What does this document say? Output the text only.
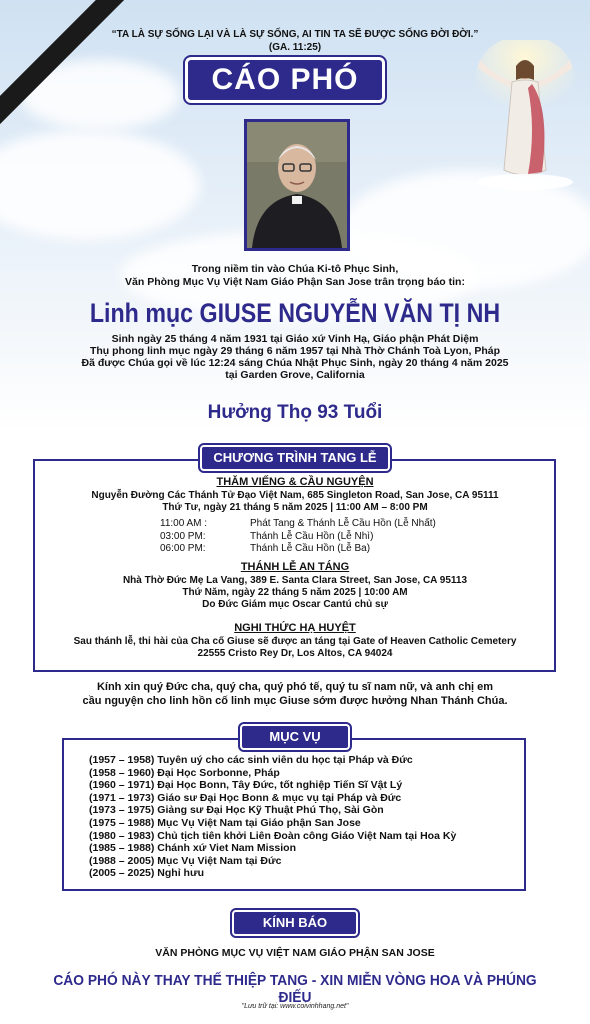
“TA LÀ SỰ SỐNG LẠI VÀ LÀ SỰ SỐNG, AI TIN TA SẼ ĐƯỢC SỐNG ĐỜI ĐỜI.”
(GA. 11:25)
CÁO PHÓ
Trong niềm tin vào Chúa Ki-tô Phục Sinh,
Văn Phòng Mục Vụ Việt Nam Giáo Phận San Jose trân trọng báo tin:
Linh mục GIUSE NGUYỄN VĂN TỊ NH
Sinh ngày 25 tháng 4 năm 1931 tại Giáo xứ Vinh Hạ, Giáo phận Phát Diệm
Thụ phong linh mục ngày 29 tháng 6 năm 1957 tại Nhà Thờ Chánh Toà Lyon, Pháp
Đã được Chúa gọi về lúc 12:24 sáng Chúa Nhật Phục Sinh, ngày 20 tháng 4 năm 2025
tại Garden Grove, California
Hưởng Thọ 93 Tuổi
CHƯƠNG TRÌNH TANG LỄ
THĂM VIẾNG & CẦU NGUYỆN
Nguyễn Đường Các Thánh Tử Đạo Việt Nam, 685 Singleton Road, San Jose, CA 95111
Thứ Tư, ngày 21 tháng 5 năm 2025 | 11:00 AM – 8:00 PM
11:00 AM :	Phát Tang & Thánh Lễ Cầu Hồn (Lễ Nhất)
03:00 PM:	Thánh Lễ Cầu Hồn (Lễ Nhì)
06:00 PM:	Thánh Lễ Cầu Hồn (Lễ Ba)
THÁNH LỄ AN TÁNG
Nhà Thờ Đức Mẹ La Vang, 389 E. Santa Clara Street, San Jose, CA 95113
Thứ Năm, ngày 22 tháng 5 năm 2025 | 10:00 AM
Do Đức Giám mục Oscar Cantú chủ sự
NGHI THỨC HẠ HUYỆT
Sau thánh lễ, thi hài của Cha cố Giuse sẽ được an táng tại Gate of Heaven Catholic Cemetery
22555 Cristo Rey Dr, Los Altos, CA 94024
Kính xin quý Đức cha, quý cha, quý phó tế, quý tu sĩ nam nữ, và anh chị em
cầu nguyện cho linh hồn cố linh mục Giuse sớm được hưởng Nhan Thánh Chúa.
MỤC VỤ
(1957 – 1958) Tuyên uý cho các sinh viên du học tại Pháp và Đức
(1958 – 1960) Đại Học Sorbonne, Pháp
(1960 – 1971) Đại Học Bonn, Tây Đức, tốt nghiệp Tiến Sĩ Vật Lý
(1971 – 1973) Giáo sư Đại Học Bonn & mục vụ tại Pháp và Đức
(1973 – 1975) Giảng sư Đại Học Kỹ Thuật Phú Thọ, Sài Gòn
(1975 – 1988) Mục Vụ Việt Nam tại Giáo phận San Jose
(1980 – 1983) Chủ tịch tiên khởi Liên Đoàn công Giáo Việt Nam tại Hoa Kỳ
(1985 – 1988) Chánh xứ Viet Nam Mission
(1988 – 2005) Mục Vụ Việt Nam tại Đức
(2005 – 2025) Nghỉ hưu
KÍNH BÁO
VĂN PHÒNG MỤC VỤ VIỆT NAM GIÁO PHẬN SAN JOSE
CÁO PHÓ NÀY THAY THẾ THIỆP TANG - XIN MIỄN VÒNG HOA VÀ PHÚNG ĐIẾU
"Lưu trữ tại: www.coivinhhang.net"
